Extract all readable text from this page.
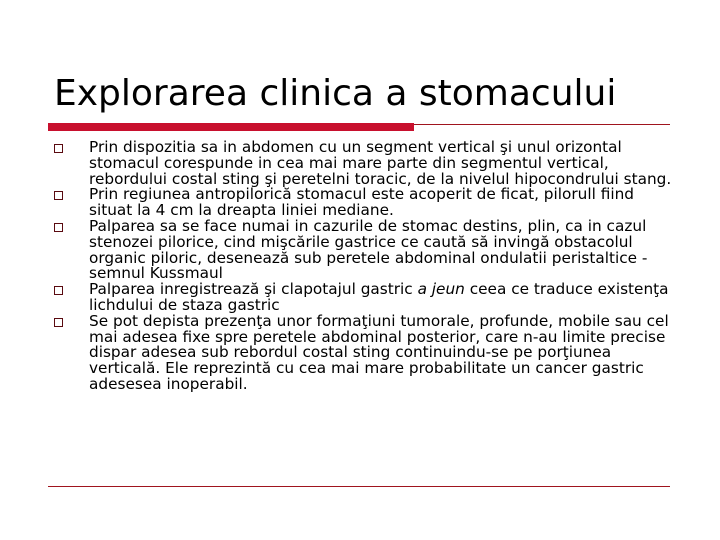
Explorarea clinica a stomacului
Prin dispozitia sa in abdomen cu un segment vertical şi unul orizontal stomacul corespunde in cea mai mare parte din segmentul vertical, rebordului costal sting şi peretelni toracic, de la nivelul hipocondrului stang.
Prin regiunea antropilorică stomacul este acoperit de ficat, pilorull fiind situat la 4 cm la dreapta liniei mediane.
Palparea sa se face numai in cazurile de stomac destins, plin, ca in cazul stenozei pilorice, cind mişcările gastrice ce caută să invingă obstacolul organic piloric, desenează sub peretele abdominal ondulatii peristaltice - semnul Kussmaul
Palparea inregistrează şi clapotajul gastric a jeun ceea ce traduce existenţa lichdului de staza gastric
Se pot depista prezenţa unor formaţiuni tumorale, profunde, mobile sau cel mai adesea fixe spre peretele abdominal posterior, care n-au limite precise dispar adesea sub rebordul costal sting continuindu-se pe porţiunea verticală. Ele reprezintă cu cea mai mare probabilitate un cancer gastric adesesea inoperabil.
